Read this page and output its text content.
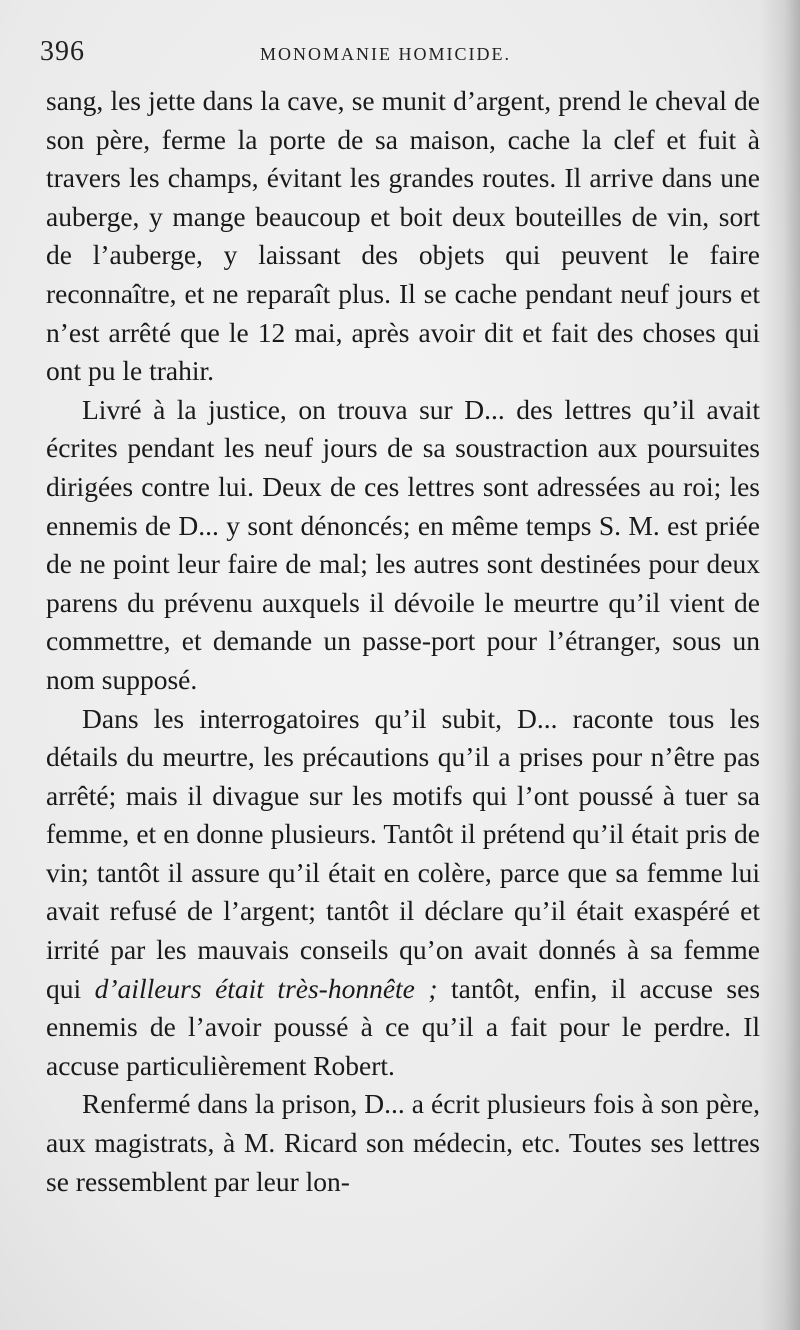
396	MONOMANIE HOMICIDE.

sang, les jette dans la cave, se munit d’argent, prend le cheval de son père, ferme la porte de sa maison, cache la clef et fuit à travers les champs, évitant les grandes routes. Il arrive dans une auberge, y mange beaucoup et boit deux bouteilles de vin, sort de l’auberge, y laissant des objets qui peuvent le faire reconnaître, et ne reparaît plus. Il se cache pendant neuf jours et n’est arrêté que le 12 mai, après avoir dit et fait des choses qui ont pu le trahir.

Livré à la justice, on trouva sur D... des lettres qu’il avait écrites pendant les neuf jours de sa soustraction aux poursuites dirigées contre lui. Deux de ces lettres sont adressées au roi; les ennemis de D... y sont dénoncés; en même temps S. M. est priée de ne point leur faire de mal; les autres sont destinées pour deux parens du prévenu auxquels il dévoile le meurtre qu’il vient de commettre, et demande un passe-port pour l’étranger, sous un nom supposé.

Dans les interrogatoires qu’il subit, D... raconte tous les détails du meurtre, les précautions qu’il a prises pour n’être pas arrêté; mais il divague sur les motifs qui l’ont poussé à tuer sa femme, et en donne plusieurs. Tantôt il prétend qu’il était pris de vin; tantôt il assure qu’il était en colère, parce que sa femme lui avait refusé de l’argent; tantôt il déclare qu’il était exaspéré et irrité par les mauvais conseils qu’on avait donnés à sa femme qui d’ailleurs était très-honnête ; tantôt, enfin, il accuse ses ennemis de l’avoir poussé à ce qu’il a fait pour le perdre. Il accuse particulièrement Robert.

Renfermé dans la prison, D... a écrit plusieurs fois à son père, aux magistrats, à M. Ricard son médecin, etc. Toutes ses lettres se ressemblent par leur lon-
